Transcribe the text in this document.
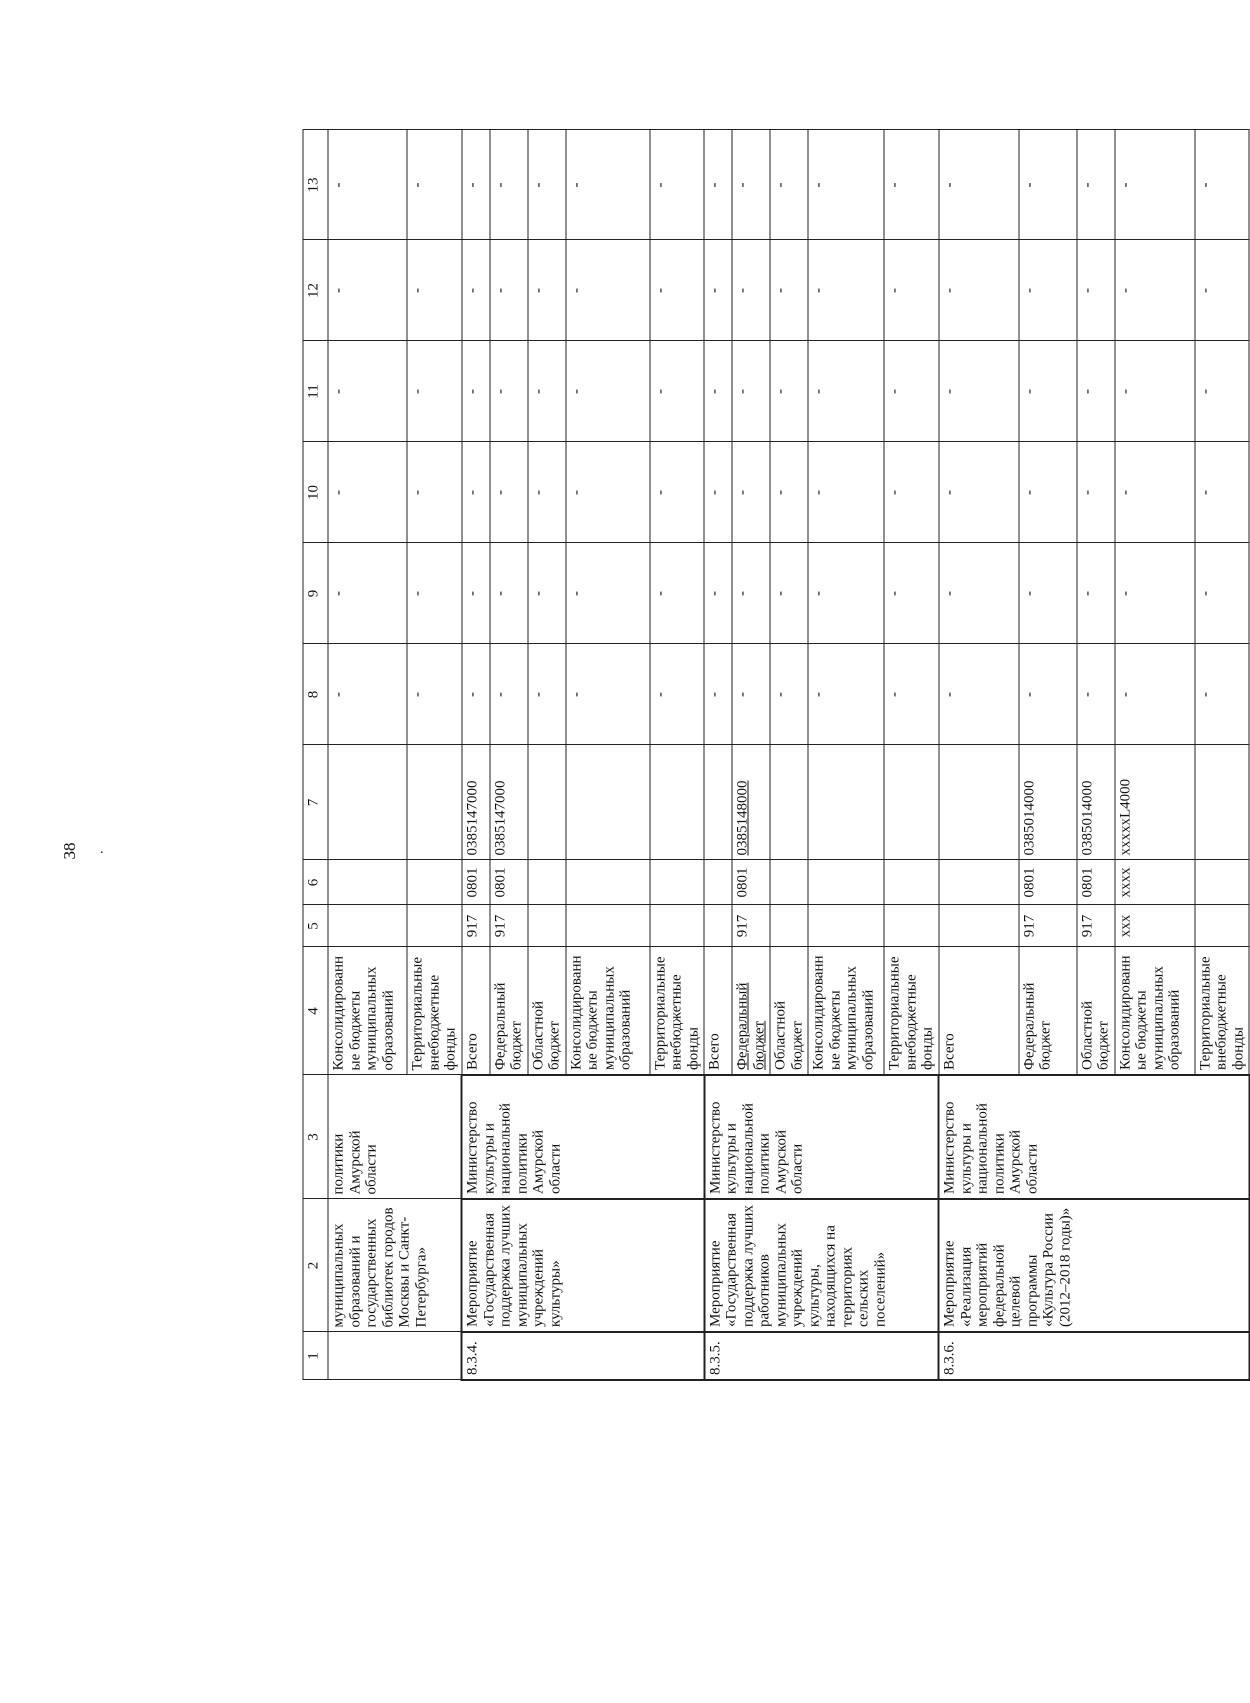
38 .
1	2	3	4	5	6	7	8	9	10	11	12	13
	муниципальных образований и государственных библиотек городов Москвы и Санкт-Петербурга»	политики Амурской области	Консолидированные бюджеты муниципальных образований				-	-	-	-	-	-
			Территориальные внебюджетные фонды				-	-	-	-	-	-
8.3.4.	Мероприятие «Государственная поддержка лучших муниципальных учреждений культуры»	Министерство культуры и национальной политики Амурской области	Всего	917	0801	0385147000	-	-	-	-	-	-
			Федеральный бюджет	917	0801	0385147000	-	-	-	-	-	-
			Областной бюджет				-	-	-	-	-	-
			Консолидированные бюджеты муниципальных образований				-	-	-	-	-	-
			Территориальные внебюджетные фонды				-	-	-	-	-	-
8.3.5.	Мероприятие «Государственная поддержка лучших работников муниципальных учреждений культуры, находящихся на территориях сельских поселений»	Министерство культуры и национальной политики Амурской области	Всего				-	-	-	-	-	-
			Федеральный бюджет	917	0801	0385148000	-	-	-	-	-	-
			Областной бюджет				-	-	-	-	-	-
			Консолидированные бюджеты муниципальных образований				-	-	-	-	-	-
			Территориальные внебюджетные фонды				-	-	-	-	-	-
8.3.6.	Мероприятие «Реализация мероприятий федеральной целевой программы «Культура России (2012–2018 годы)»	Министерство культуры и национальной политики Амурской области	Всего				-	-	-	-	-	-
			Федеральный бюджет	917	0801	0385014000	-	-	-	-	-	-
			Областной бюджет	917	0801	0385014000	-	-	-	-	-	-
			Консолидированные бюджеты муниципальных образований	xxx	xxxx	xxxxxL4000	-	-	-	-	-	-
			Территориальные внебюджетные фонды				-	-	-	-	-	-
